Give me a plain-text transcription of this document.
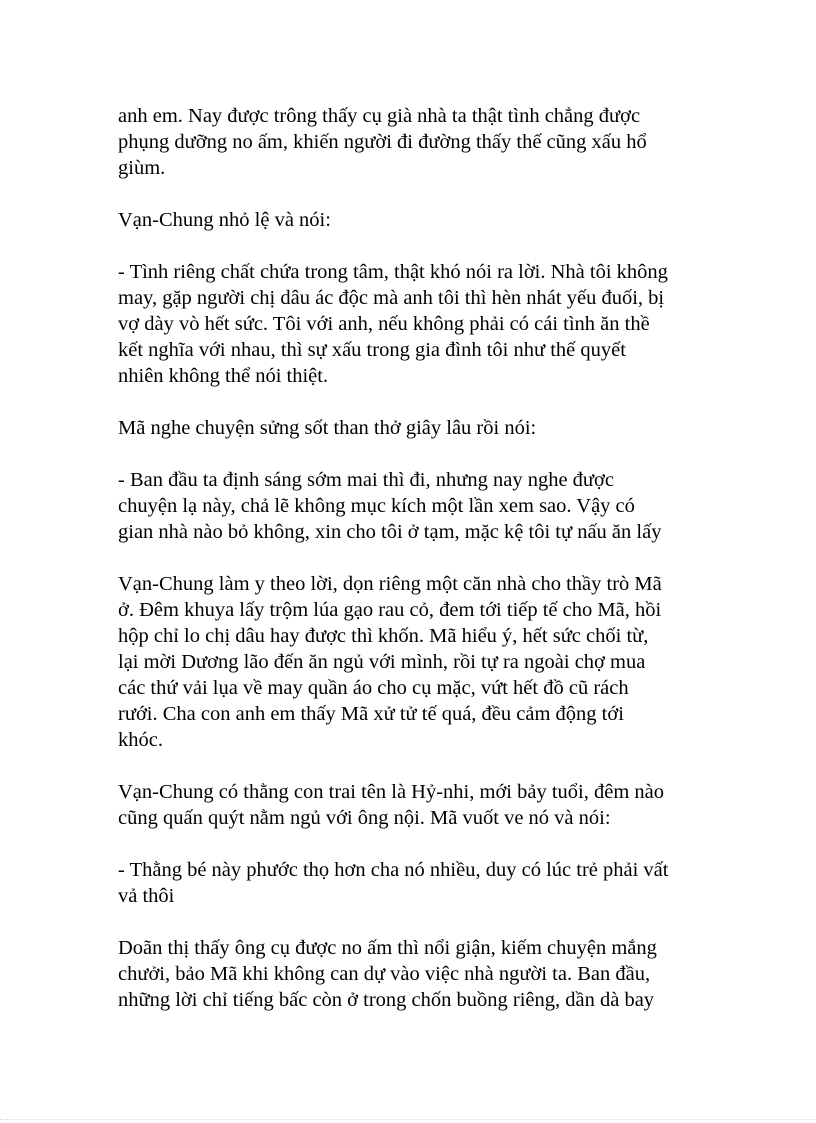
anh em. Nay được trông thấy cụ già nhà ta thật tình chẳng được
phụng dưỡng no ấm, khiến người đi đường thấy thế cũng xấu hổ
giùm.

Vạn-Chung nhỏ lệ và nói:

- Tình riêng chất chứa trong tâm, thật khó nói ra lời. Nhà tôi không
may, gặp người chị dâu ác độc mà anh tôi thì hèn nhát yếu đuối, bị
vợ dày vò hết sức. Tôi với anh, nếu không phải có cái tình ăn thề
kết nghĩa với nhau, thì sự xấu trong gia đình tôi như thế quyết
nhiên không thể nói thiệt.

Mã nghe chuyện sửng sốt than thở giây lâu rồi nói:

- Ban đầu ta định sáng sớm mai thì đi, nhưng nay nghe được
chuyện lạ này, chả lẽ không mục kích một lần xem sao. Vậy có
gian nhà nào bỏ không, xin cho tôi ở tạm, mặc kệ tôi tự nấu ăn lấy

Vạn-Chung làm y theo lời, dọn riêng một căn nhà cho thầy trò Mã
ở. Đêm khuya lấy trộm lúa gạo rau cỏ, đem tới tiếp tế cho Mã, hồi
hộp chỉ lo chị dâu hay được thì khốn. Mã hiểu ý, hết sức chối từ,
lại mời Dương lão đến ăn ngủ với mình, rồi tự ra ngoài chợ mua
các thứ vải lụa về may quần áo cho cụ mặc, vứt hết đồ cũ rách
rưới. Cha con anh em thấy Mã xử tử tế quá, đều cảm động tới
khóc.

Vạn-Chung có thằng con trai tên là Hỷ-nhi, mới bảy tuổi, đêm nào
cũng quấn quýt nằm ngủ với ông nội. Mã vuốt ve nó và nói:

- Thằng bé này phước thọ hơn cha nó nhiều, duy có lúc trẻ phải vất
vả thôi

Doãn thị thấy ông cụ được no ấm thì nổi giận, kiếm chuyện mắng
chưởi, bảo Mã khi không can dự vào việc nhà người ta. Ban đầu,
những lời chỉ tiếng bấc còn ở trong chốn buồng riêng, dần dà bay
